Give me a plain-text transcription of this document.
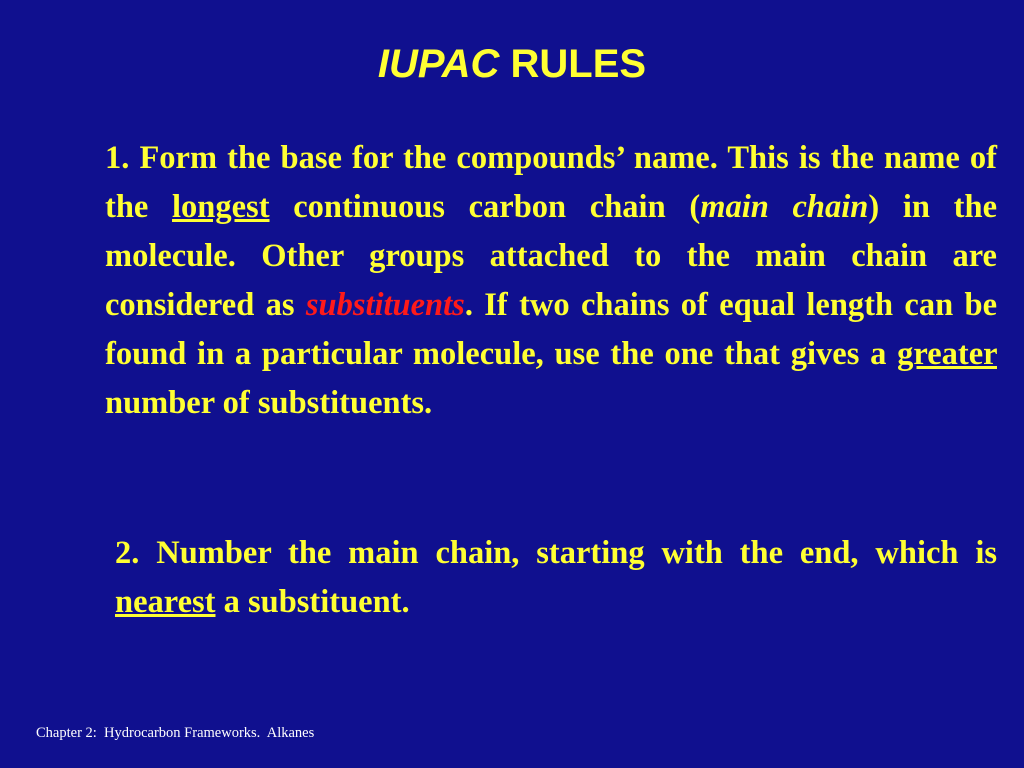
IUPAC RULES

1. Form the base for the compounds’ name. This is the name of the longest continuous carbon chain (main chain) in the molecule. Other groups attached to the main chain are considered as substituents. If two chains of equal length can be found in a particular molecule, use the one that gives a greater number of substituents.

2. Number the main chain, starting with the end, which is nearest a substituent.

Chapter 2:  Hydrocarbon Frameworks.  Alkanes
